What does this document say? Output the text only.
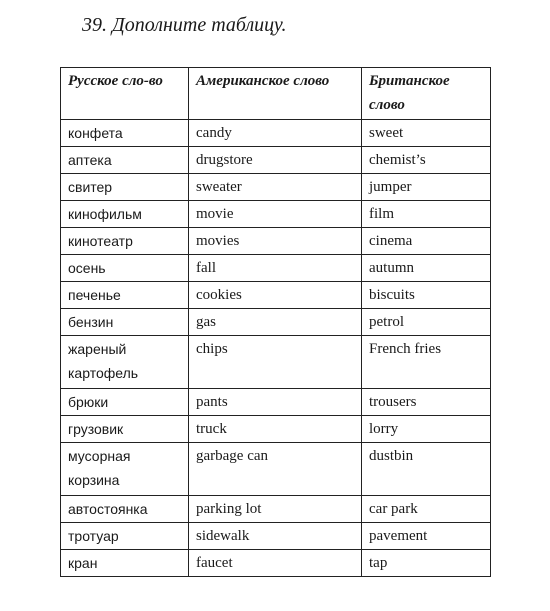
39. Дополните таблицу.
Русское сло-во	Американское слово	Британское слово
конфета	candy	sweet
аптека	drugstore	chemist’s
свитер	sweater	jumper
кинофильм	movie	film
кинотеатр	movies	cinema
осень	fall	autumn
печенье	cookies	biscuits
бензин	gas	petrol
жареный картофель	chips	French fries
брюки	pants	trousers
грузовик	truck	lorry
мусорная корзина	garbage can	dustbin
автостоянка	parking lot	car park
тротуар	sidewalk	pavement
кран	faucet	tap
